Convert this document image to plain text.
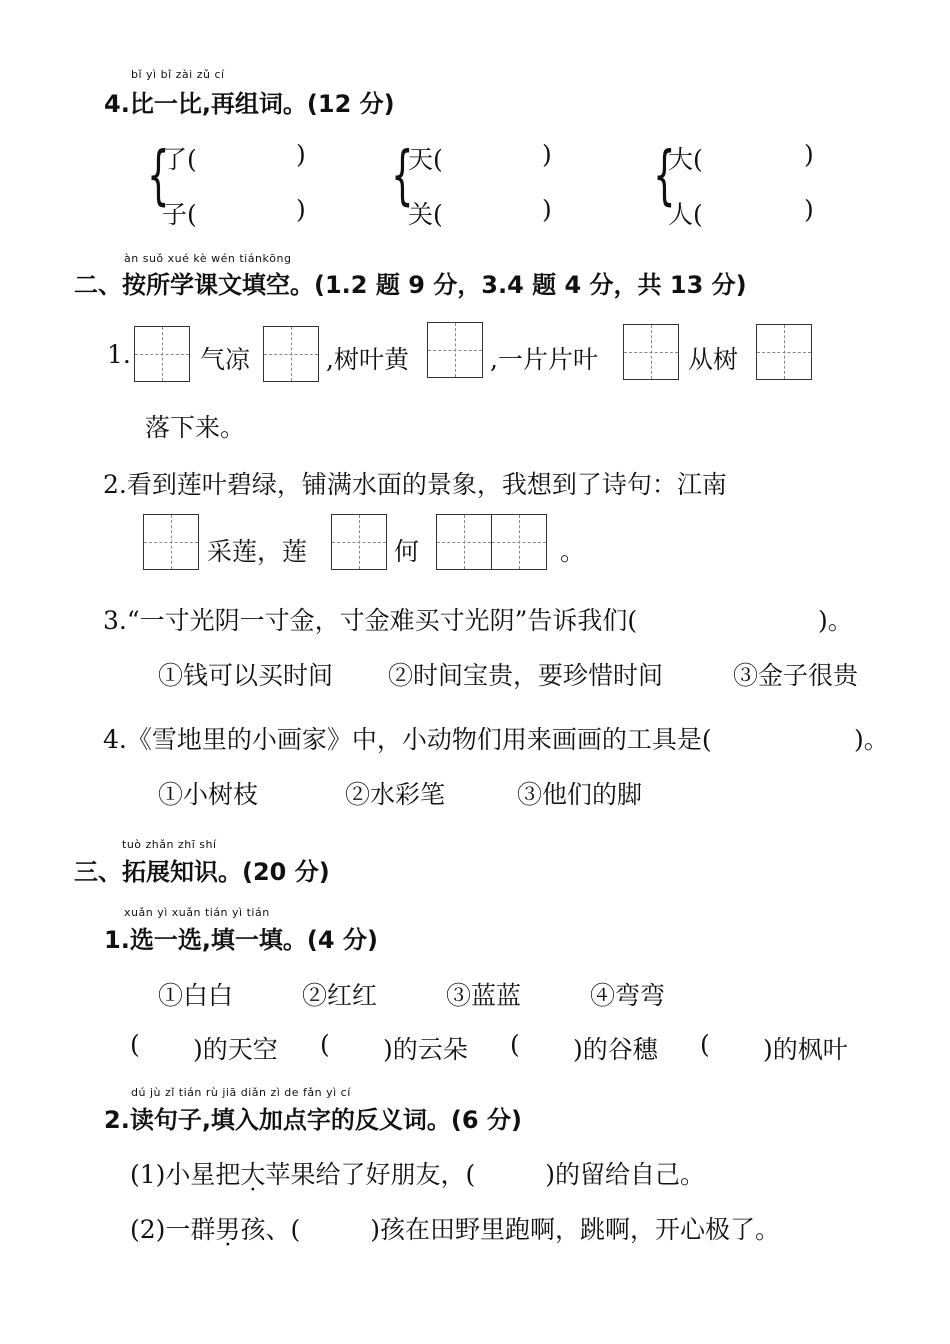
bǐ yì bǐ zài zǔ cí
4.比一比,再组词。(12 分)
{
了(	)
子(	) {
天(	)
关(	) {
大(	)
人(	)
àn suǒ xué kè wén tiánkōng
二、按所学课文填空。(1.2 题 9 分，3.4 题 4 分，共 13 分)
1.	气凉	,树叶黄	,一片片叶	从树
落下来。
2.看到莲叶碧绿，铺满水面的景象，我想到了诗句：江南
采莲，莲	何	。
3.“一寸光阴一寸金，寸金难买寸光阴”告诉我们(	)。
①钱可以买时间 ②时间宝贵，要珍惜时间	③金子很贵
4.《雪地里的小画家》中，小动物们用来画画的工具是(	)。
①小树枝	②水彩笔	③他们的脚
tuò zhǎn zhī shí
三、拓展知识。(20 分)
xuǎn yì xuǎn tián yì tián
1.选一选,填一填。(4 分)
①白白	②红红	③蓝蓝	④弯弯
( )的天空 ( )的云朵 ( )的谷穗 ( )的枫叶
dú jù zǐ tián rù jiā diǎn zì de fǎn yì cí
2.读句子,填入加点字的反义词。(6 分)
(1)小星把大苹果给了好朋友，(	)的留给自己。
(2)一群男孩、(	)孩在田野里跑啊，跳啊，开心极了。
